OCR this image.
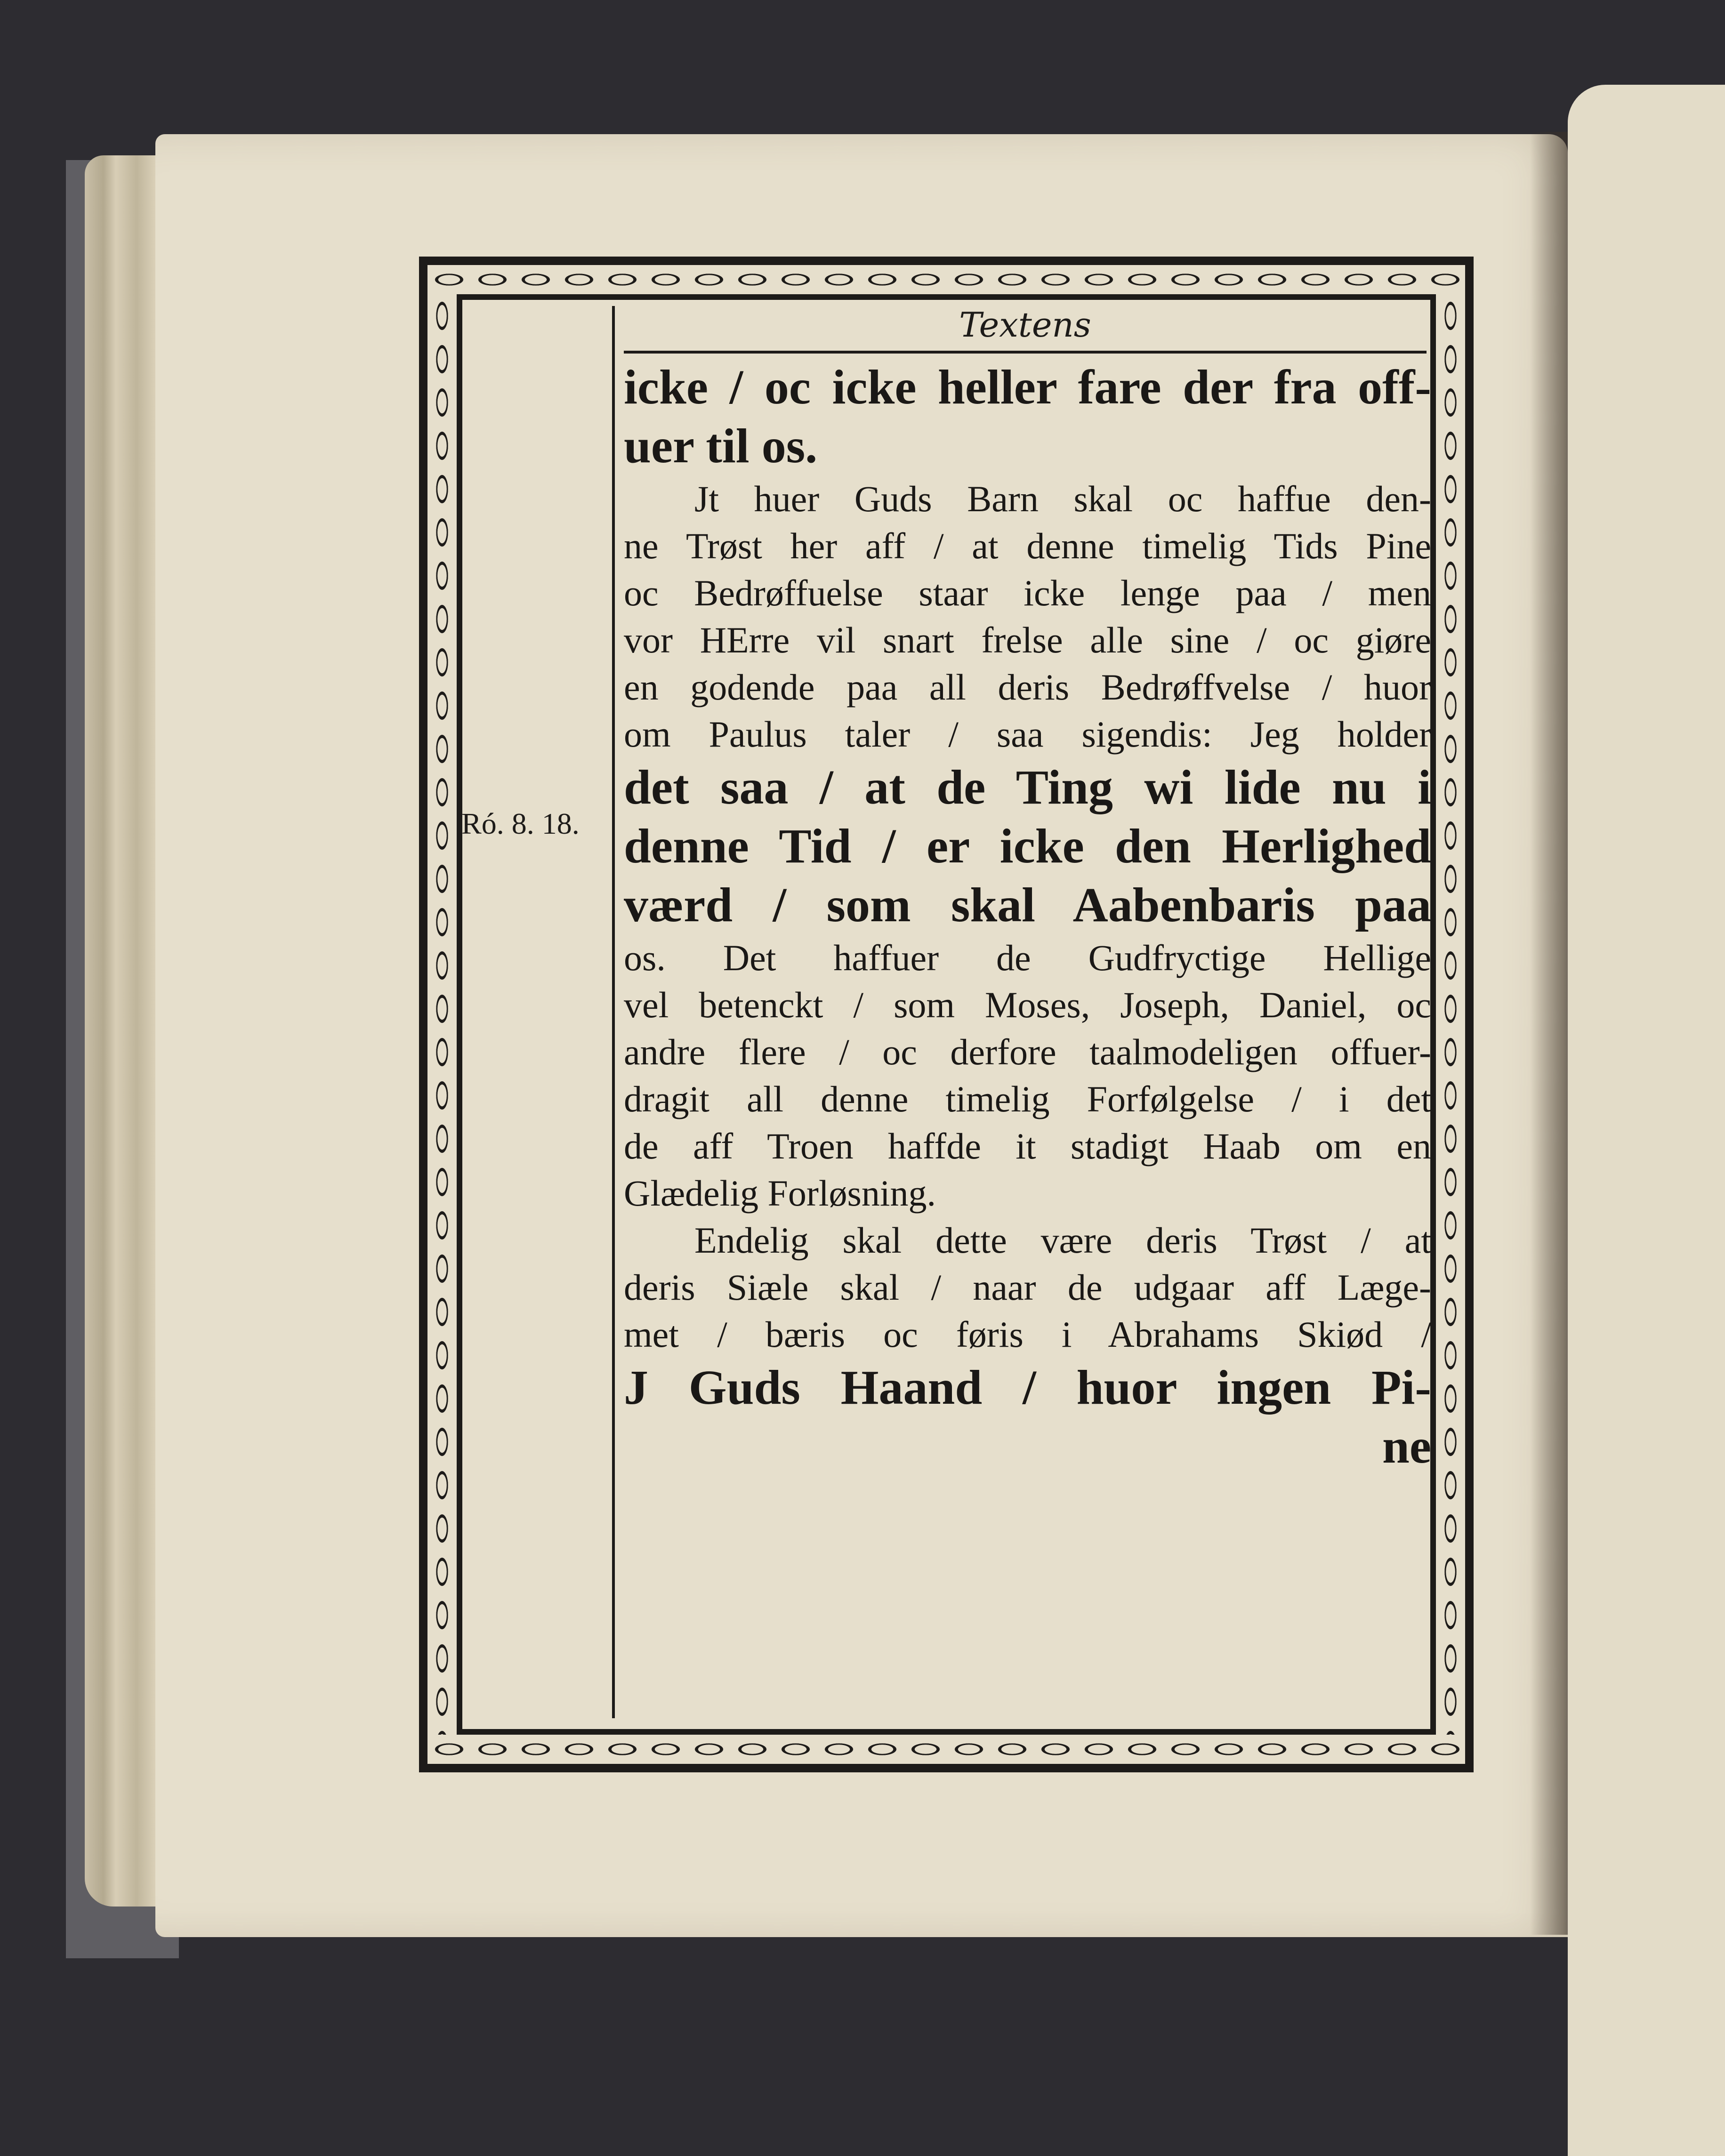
Textens
Ró. 8. 18.
icke / oc icke heller fare der fra off-
uer til os.
Jt huer Guds Barn skal oc haffue den-
ne Trøst her aff / at denne timelig Tids Pine
oc Bedrøffuelse staar icke lenge paa / men
vor HErre vil snart frelse alle sine / oc giøre
en godende paa all deris Bedrøffvelse / huor
om Paulus taler / saa sigendis: Jeg holder
det saa / at de Ting wi lide nu i
denne Tid / er icke den Herlighed
værd / som skal Aabenbaris paa
os. Det haffuer de Gudfryctige Hellige
vel betenckt / som Moses, Joseph, Daniel, oc
andre flere / oc derfore taalmodeligen offuer-
dragit all denne timelig Forfølgelse / i det
de aff Troen haffde it stadigt Haab om en
Glædelig Forløsning.
Endelig skal dette være deris Trøst / at
deris Siæle skal / naar de udgaar aff Læge-
met / bæris oc føris i Abrahams Skiød /
J Guds Haand / huor ingen Pi-
ne
